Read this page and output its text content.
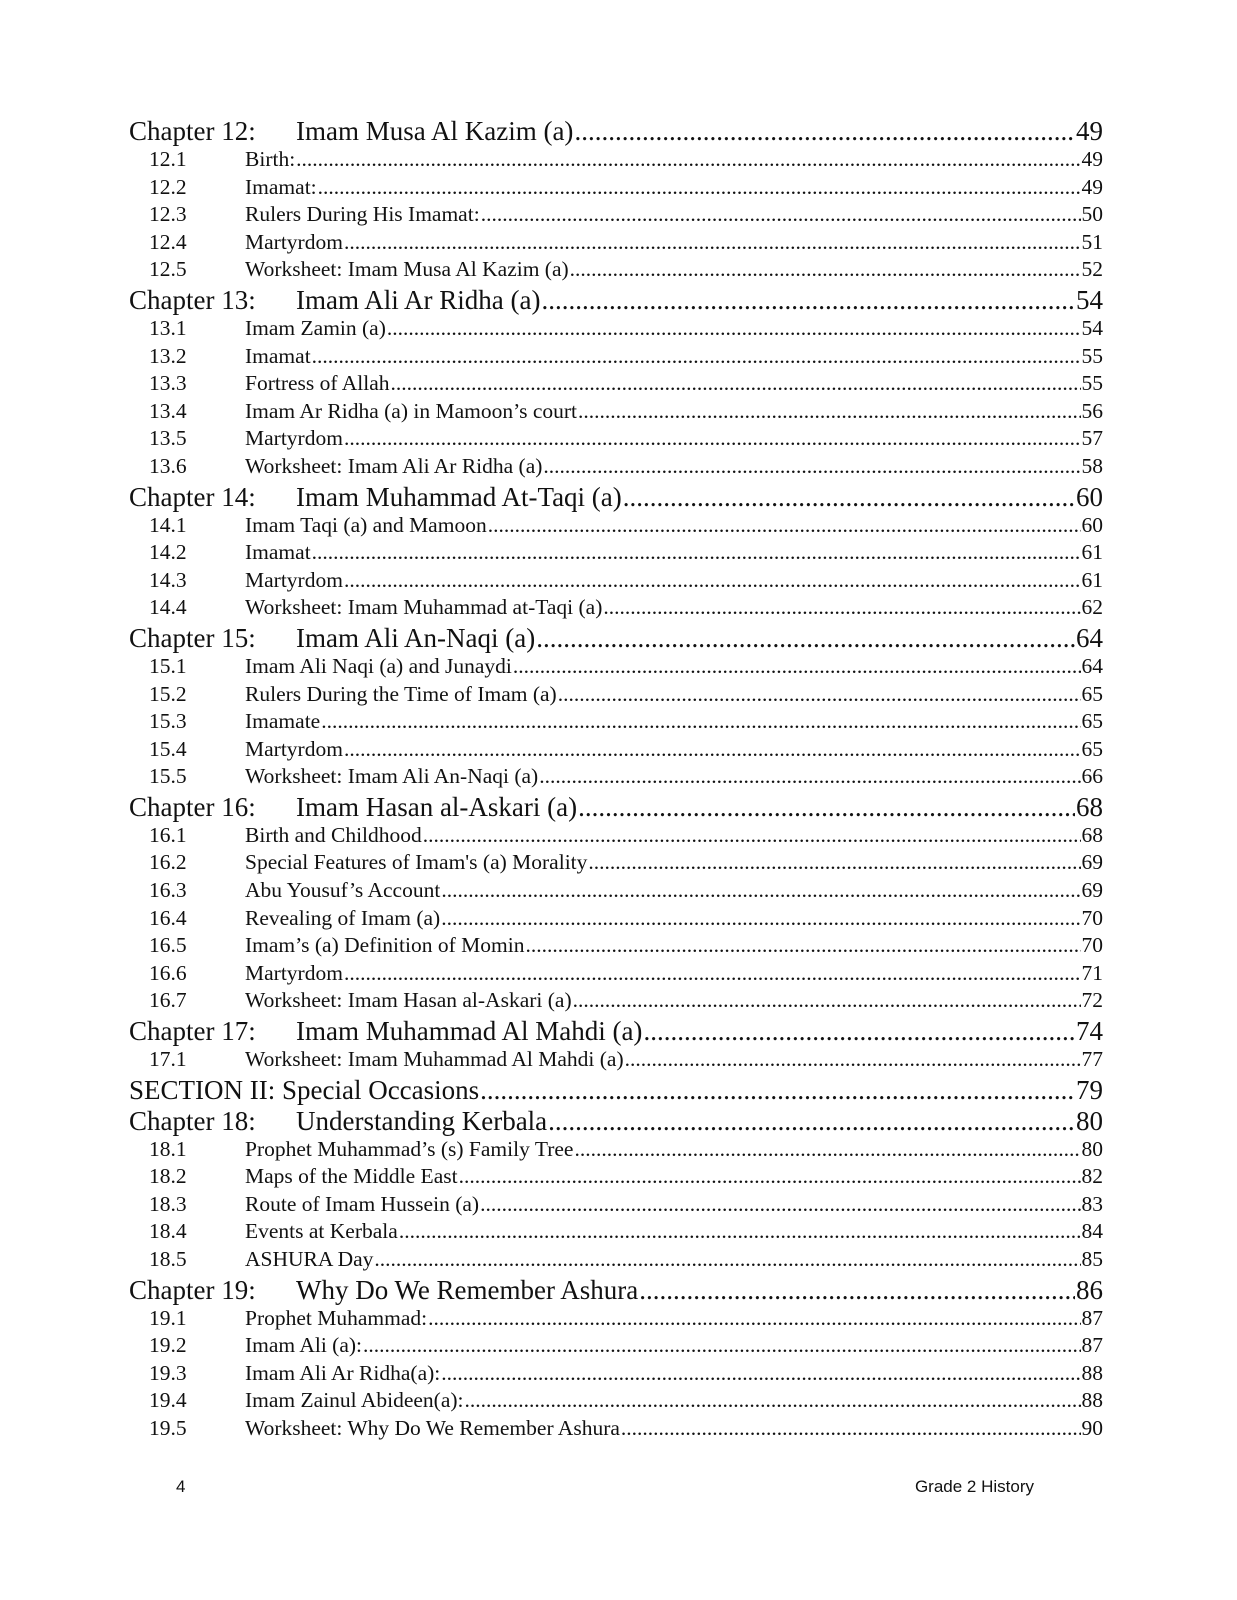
Chapter 12:	Imam Musa Al Kazim (a) .....	49
12.1	Birth: .....	49
12.2	Imamat: .....	49
12.3	Rulers During His Imamat: .....	50
12.4	Martyrdom .....	51
12.5	Worksheet: Imam Musa Al Kazim (a) .....	52
Chapter 13:	Imam Ali Ar Ridha (a) .....	54
13.1	Imam Zamin (a) .....	54
13.2	Imamat .....	55
13.3	Fortress of Allah .....	55
13.4	Imam Ar Ridha (a) in Mamoon’s court .....	56
13.5	Martyrdom .....	57
13.6	Worksheet: Imam Ali Ar Ridha (a) .....	58
Chapter 14:	Imam Muhammad At-Taqi (a) .....	60
14.1	Imam Taqi (a) and Mamoon .....	60
14.2	Imamat .....	61
14.3	Martyrdom .....	61
14.4	Worksheet: Imam Muhammad at-Taqi (a) .....	62
Chapter 15:	Imam Ali An-Naqi (a) .....	64
15.1	Imam Ali Naqi (a) and Junaydi .....	64
15.2	Rulers During the Time of Imam (a) .....	65
15.3	Imamate .....	65
15.4	Martyrdom .....	65
15.5	Worksheet: Imam Ali An-Naqi (a) .....	66
Chapter 16:	Imam Hasan al-Askari (a) .....	68
16.1	Birth and Childhood .....	68
16.2	Special Features of Imam's (a) Morality .....	69
16.3	Abu Yousuf’s Account .....	69
16.4	Revealing of Imam (a) .....	70
16.5	Imam’s (a) Definition of Momin .....	70
16.6	Martyrdom .....	71
16.7	Worksheet: Imam Hasan al-Askari (a) .....	72
Chapter 17:	Imam Muhammad Al Mahdi (a) .....	74
17.1	Worksheet: Imam Muhammad Al Mahdi (a) .....	77
SECTION II: Special Occasions .....	79
Chapter 18:	Understanding Kerbala .....	80
18.1	Prophet Muhammad’s (s) Family Tree .....	80
18.2	Maps of the Middle East .....	82
18.3	Route of Imam Hussein (a) .....	83
18.4	Events at Kerbala .....	84
18.5	ASHURA Day .....	85
Chapter 19:	Why Do We Remember Ashura .....	86
19.1	Prophet Muhammad: .....	87
19.2	Imam Ali (a): .....	87
19.3	Imam Ali Ar Ridha(a): .....	88
19.4	Imam Zainul Abideen(a): .....	88
19.5	Worksheet: Why Do We Remember Ashura .....	90
4	Grade 2 History
